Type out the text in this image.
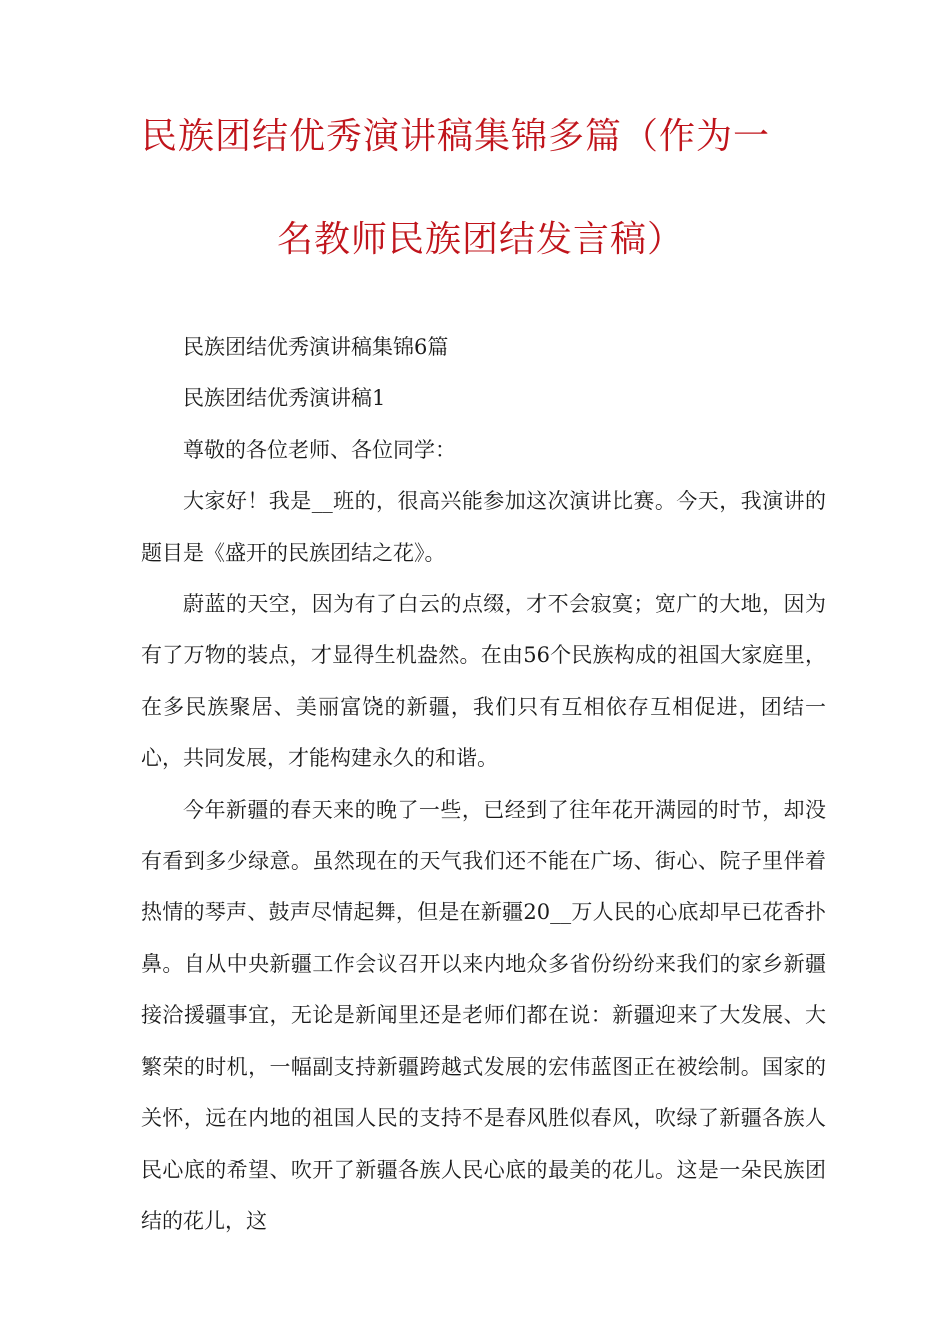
民族团结优秀演讲稿集锦多篇（作为一
名教师民族团结发言稿）

民族团结优秀演讲稿集锦6篇

民族团结优秀演讲稿1

尊敬的各位老师、各位同学：

大家好！我是__班的，很高兴能参加这次演讲比赛。今天，我演讲的题目是《盛开的民族团结之花》。

蔚蓝的天空，因为有了白云的点缀，才不会寂寞；宽广的大地，因为有了万物的装点，才显得生机盎然。在由56个民族构成的祖国大家庭里，在多民族聚居、美丽富饶的新疆，我们只有互相依存互相促进，团结一心，共同发展，才能构建永久的和谐。

今年新疆的春天来的晚了一些，已经到了往年花开满园的时节，却没有看到多少绿意。虽然现在的天气我们还不能在广场、街心、院子里伴着热情的琴声、鼓声尽情起舞，但是在新疆20__万人民的心底却早已花香扑鼻。自从中央新疆工作会议召开以来内地众多省份纷纷来我们的家乡新疆接洽援疆事宜，无论是新闻里还是老师们都在说：新疆迎来了大发展、大繁荣的时机，一幅副支持新疆跨越式发展的宏伟蓝图正在被绘制。国家的关怀，远在内地的祖国人民的支持不是春风胜似春风，吹绿了新疆各族人民心底的希望、吹开了新疆各族人民心底的最美的花儿。这是一朵民族团结的花儿，这
